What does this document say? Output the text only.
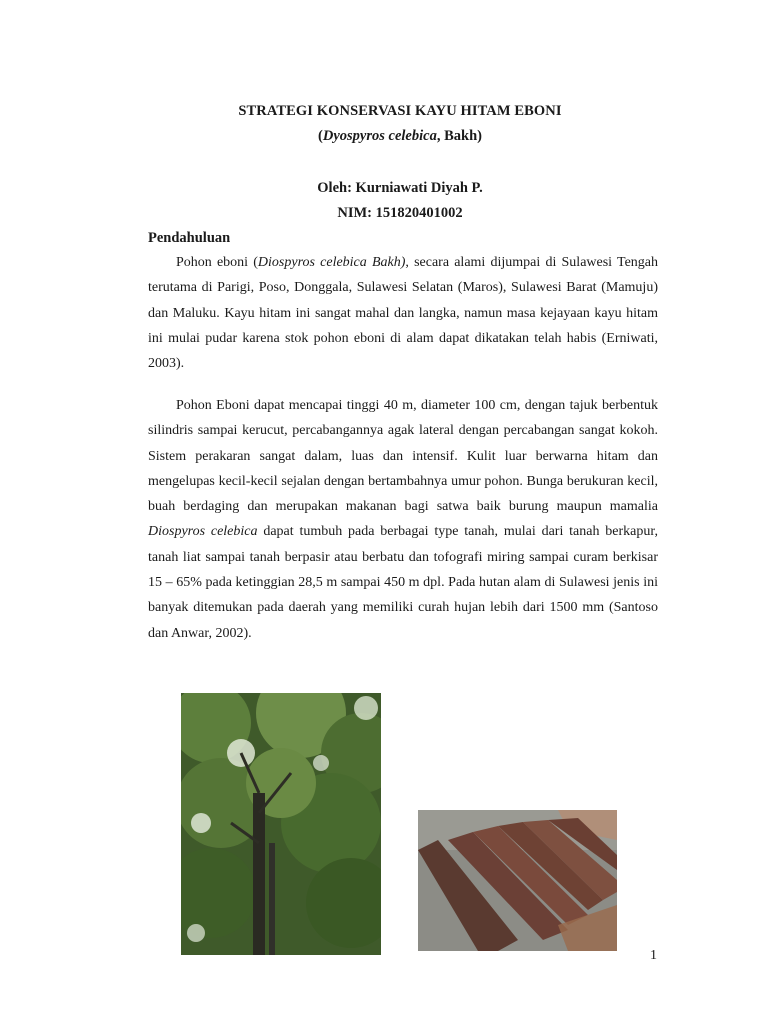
STRATEGI KONSERVASI KAYU HITAM EBONI
(Dyospyros celebica, Bakh)
Oleh: Kurniawati Diyah P.
NIM: 151820401002
Pendahuluan

Pohon eboni (Diospyros celebica Bakh), secara alami dijumpai di Sulawesi Tengah terutama di Parigi, Poso, Donggala, Sulawesi Selatan (Maros), Sulawesi Barat (Mamuju) dan Maluku. Kayu hitam ini sangat mahal dan langka, namun masa kejayaan kayu hitam ini mulai pudar karena stok pohon eboni di alam dapat dikatakan telah habis (Erniwati, 2003).

Pohon Eboni dapat mencapai tinggi 40 m, diameter 100 cm, dengan tajuk berbentuk silindris sampai kerucut, percabangannya agak lateral dengan percabangan sangat kokoh. Sistem perakaran sangat dalam, luas dan intensif. Kulit luar berwarna hitam dan mengelupas kecil-kecil sejalan dengan bertambahnya umur pohon. Bunga berukuran kecil, buah berdaging dan merupakan makanan bagi satwa baik burung maupun mamalia Diospyros celebica dapat tumbuh pada berbagai type tanah, mulai dari tanah berkapur, tanah liat sampai tanah berpasir atau berbatu dan tofografi miring sampai curam berkisar 15 – 65% pada ketinggian 28,5 m sampai 450 m dpl. Pada hutan alam di Sulawesi jenis ini banyak ditemukan pada daerah yang memiliki curah hujan lebih dari 1500 mm (Santoso dan Anwar, 2002).

1
